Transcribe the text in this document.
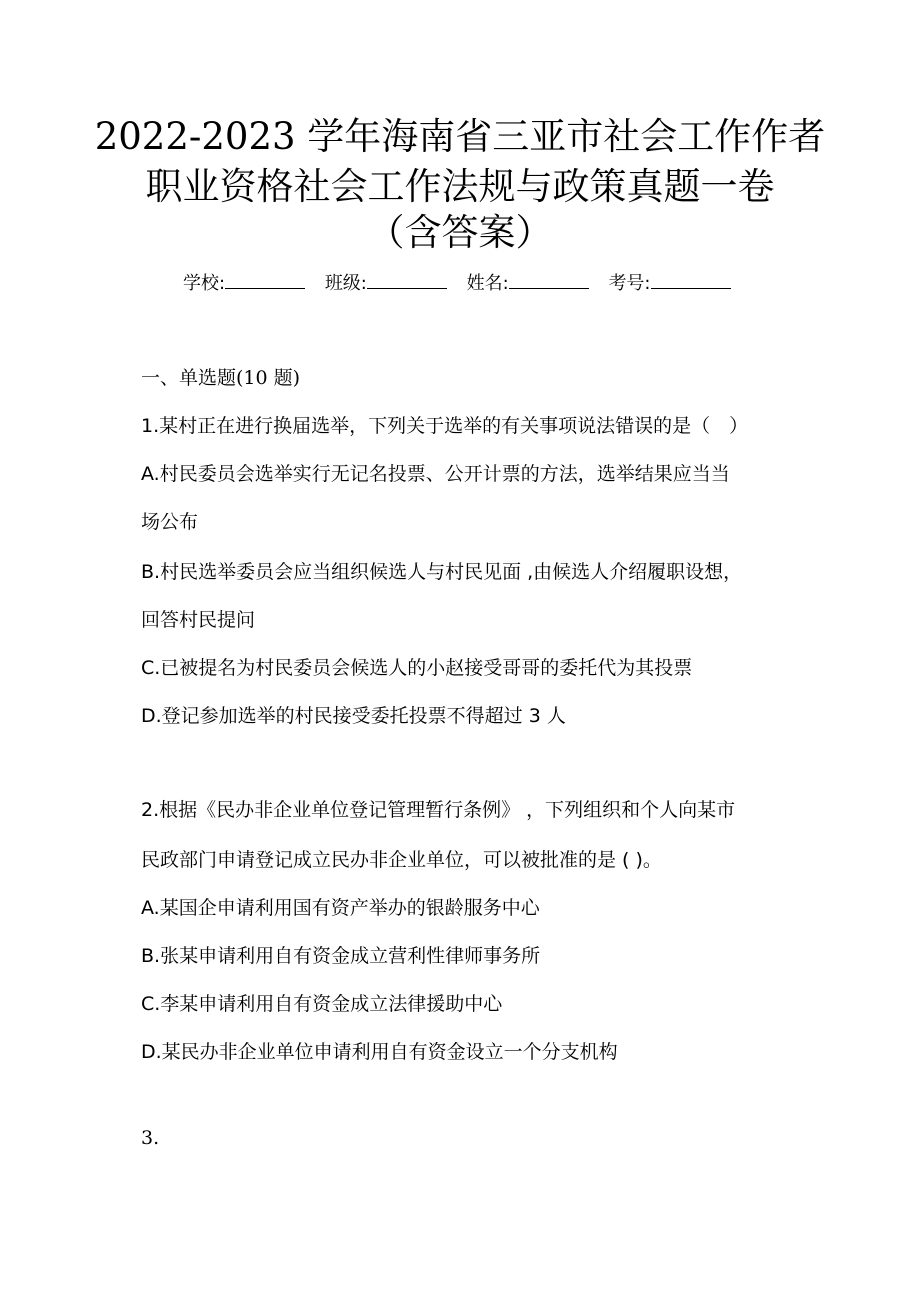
2022-2023 学年海南省三亚市社会工作作者
职业资格社会工作法规与政策真题一卷
（含答案）
学校:	班级:	姓名:	考号:
一、单选题(10 题)
1.某村正在进行换届选举，下列关于选举的有关事项说法错误的是（　）
A.村民委员会选举实行无记名投票、公开计票的方法，选举结果应当当
场公布
B.村民选举委员会应当组织候选人与村民见面 ,由候选人介绍履职设想，
回答村民提问
C.已被提名为村民委员会候选人的小赵接受哥哥的委托代为其投票
D.登记参加选举的村民接受委托投票不得超过 3 人
2.根据《民办非企业单位登记管理暂行条例》 ，下列组织和个人向某市
民政部门申请登记成立民办非企业单位，可以被批准的是 ( )。
A.某国企申请利用国有资产举办的银龄服务中心
B.张某申请利用自有资金成立营利性律师事务所
C.李某申请利用自有资金成立法律援助中心
D.某民办非企业单位申请利用自有资金设立一个分支机构
3.
